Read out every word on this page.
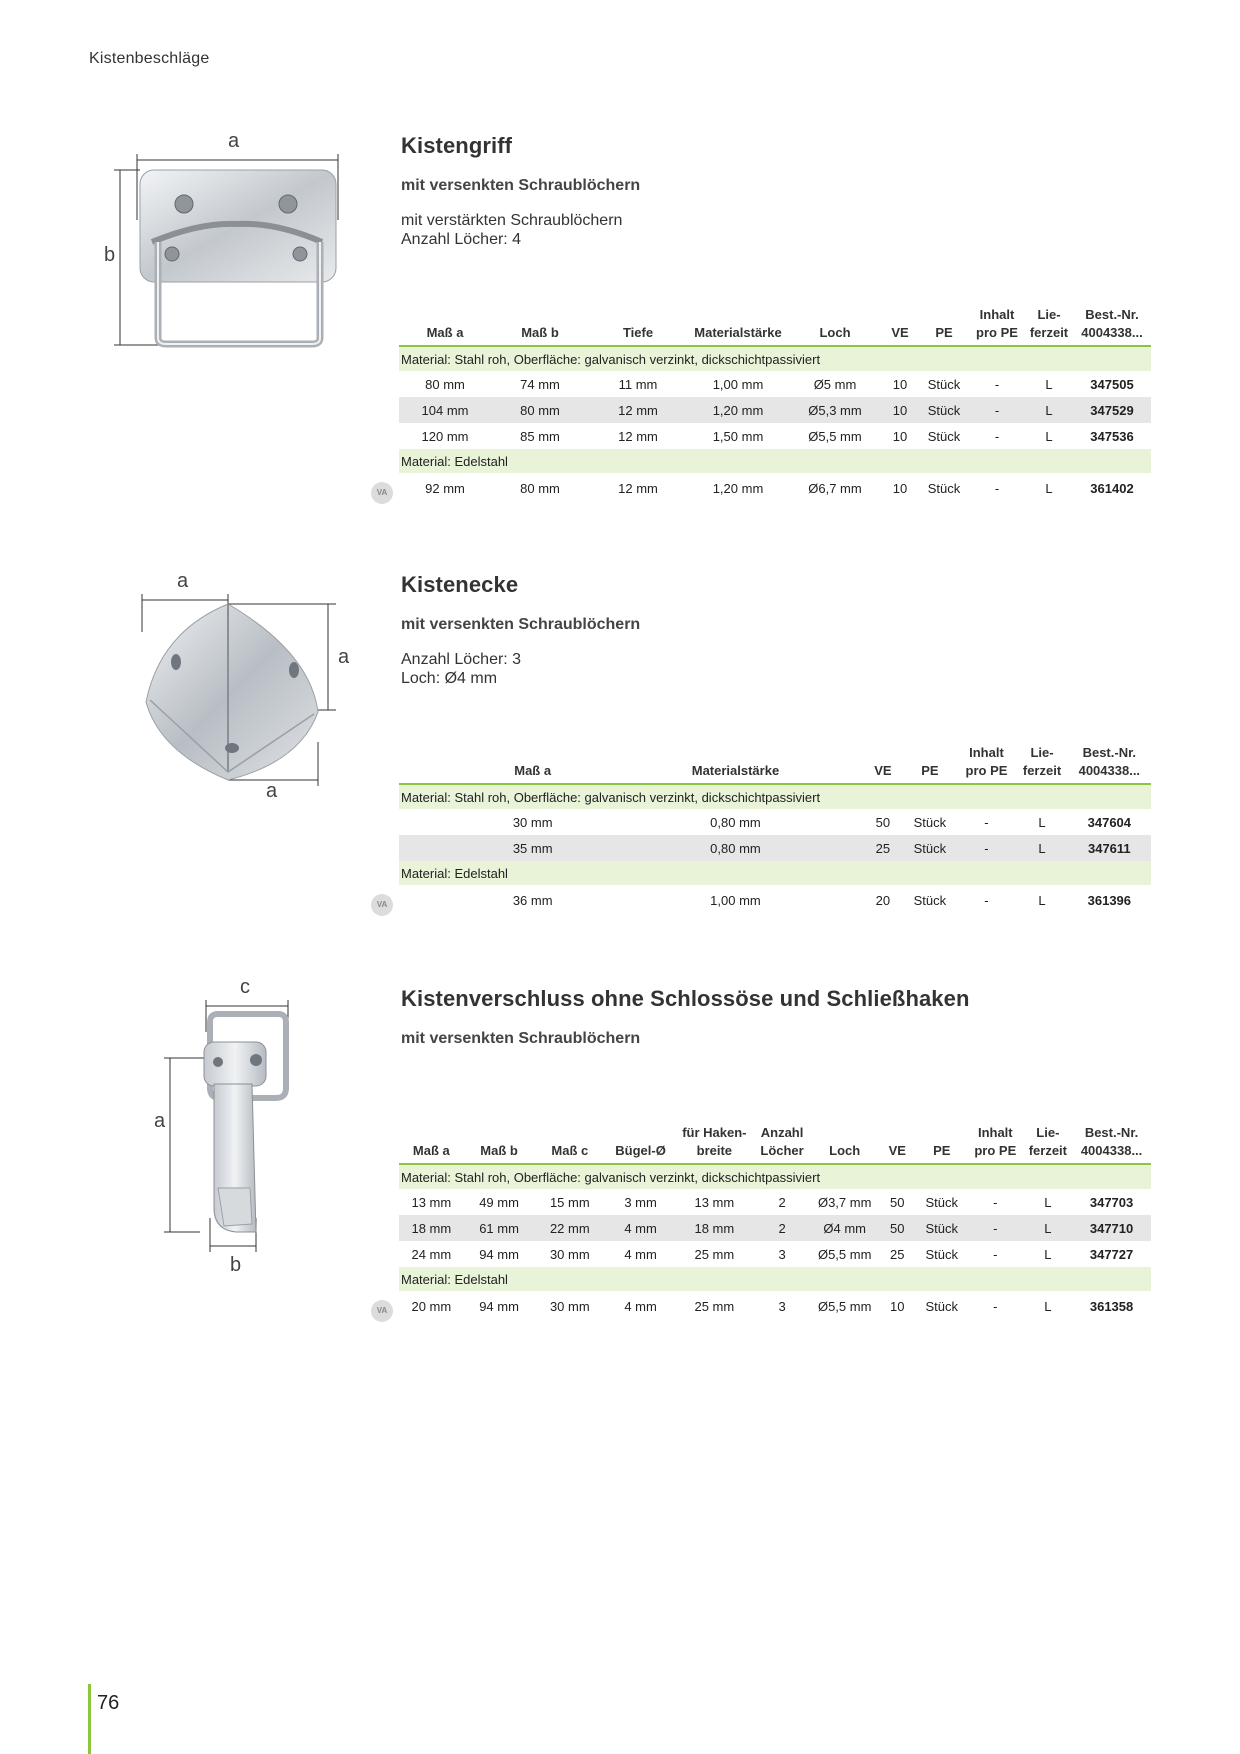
Kistenbeschläge
a
b
Kistengriff
mit versenkten Schraublöchern
mit verstärkten Schraublöchern
Anzahl Löcher: 4
Maß a	Maß b	Tiefe	Materialstärke	Loch	VE	PE	Inhalt pro PE	Lie-ferzeit	Best.-Nr. 4004338...
Material: Stahl roh, Oberfläche: galvanisch verzinkt, dickschichtpassiviert									
80 mm	74 mm	11 mm	1,00 mm	Ø5 mm	10	Stück	-	L	347505
104 mm	80 mm	12 mm	1,20 mm	Ø5,3 mm	10	Stück	-	L	347529
120 mm	85 mm	12 mm	1,50 mm	Ø5,5 mm	10	Stück	-	L	347536
Material: Edelstahl									
92 mm	80 mm	12 mm	1,20 mm	Ø6,7 mm	10	Stück	-	L	361402
VA
a
a
a
Kistenecke
mit versenkten Schraublöchern
Anzahl Löcher: 3
Loch: Ø4 mm
Maß a	Materialstärke	VE	PE	Inhalt pro PE	Lie-ferzeit	Best.-Nr. 4004338...
Material: Stahl roh, Oberfläche: galvanisch verzinkt, dickschichtpassiviert						
30 mm	0,80 mm	50	Stück	-	L	347604
35 mm	0,80 mm	25	Stück	-	L	347611
Material: Edelstahl						
36 mm	1,00 mm	20	Stück	-	L	361396
VA
c
a
b
Kistenverschluss ohne Schlossöse und Schließhaken
mit versenkten Schraublöchern
Maß a	Maß b	Maß c	Bügel-Ø	für Haken-breite	Anzahl Löcher	Loch	VE	PE	Inhalt pro PE	Lie-ferzeit	Best.-Nr. 4004338...
Material: Stahl roh, Oberfläche: galvanisch verzinkt, dickschichtpassiviert											
13 mm	49 mm	15 mm	3 mm	13 mm	2	Ø3,7 mm	50	Stück	-	L	347703
18 mm	61 mm	22 mm	4 mm	18 mm	2	Ø4 mm	50	Stück	-	L	347710
24 mm	94 mm	30 mm	4 mm	25 mm	3	Ø5,5 mm	25	Stück	-	L	347727
Material: Edelstahl											
20 mm	94 mm	30 mm	4 mm	25 mm	3	Ø5,5 mm	10	Stück	-	L	361358
VA
76
